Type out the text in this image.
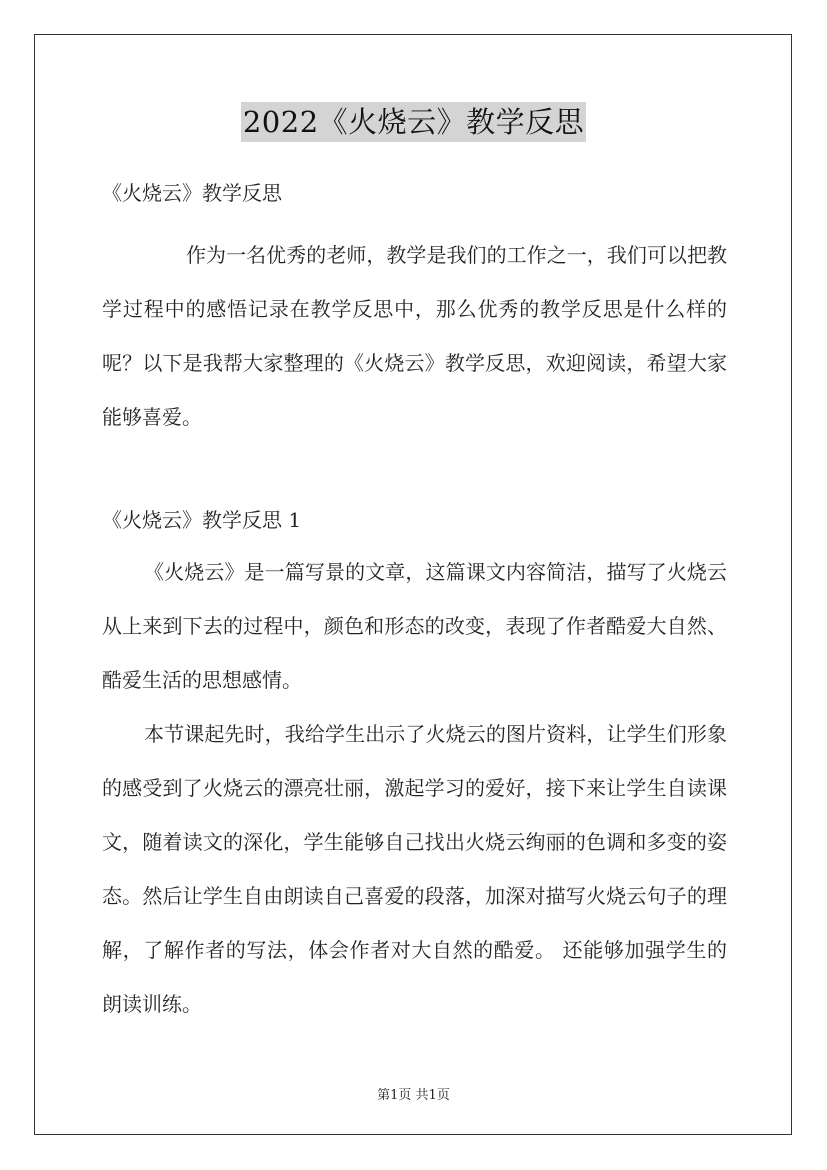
2022《火烧云》教学反思
《火烧云》教学反思
作为一名优秀的老师，教学是我们的工作之一，我们可以把教学过程中的感悟记录在教学反思中，那么优秀的教学反思是什么样的呢？以下是我帮大家整理的《火烧云》教学反思，欢迎阅读，希望大家能够喜爱。
《火烧云》教学反思 1
《火烧云》是一篇写景的文章，这篇课文内容简洁，描写了火烧云从上来到下去的过程中，颜色和形态的改变，表现了作者酷爱大自然、酷爱生活的思想感情。
本节课起先时，我给学生出示了火烧云的图片资料，让学生们形象的感受到了火烧云的漂亮壮丽，激起学习的爱好，接下来让学生自读课文，随着读文的深化，学生能够自己找出火烧云绚丽的色调和多变的姿态。然后让学生自由朗读自己喜爱的段落，加深对描写火烧云句子的理解，了解作者的写法，体会作者对大自然的酷爱。 还能够加强学生的朗读训练。
第1页 共1页
